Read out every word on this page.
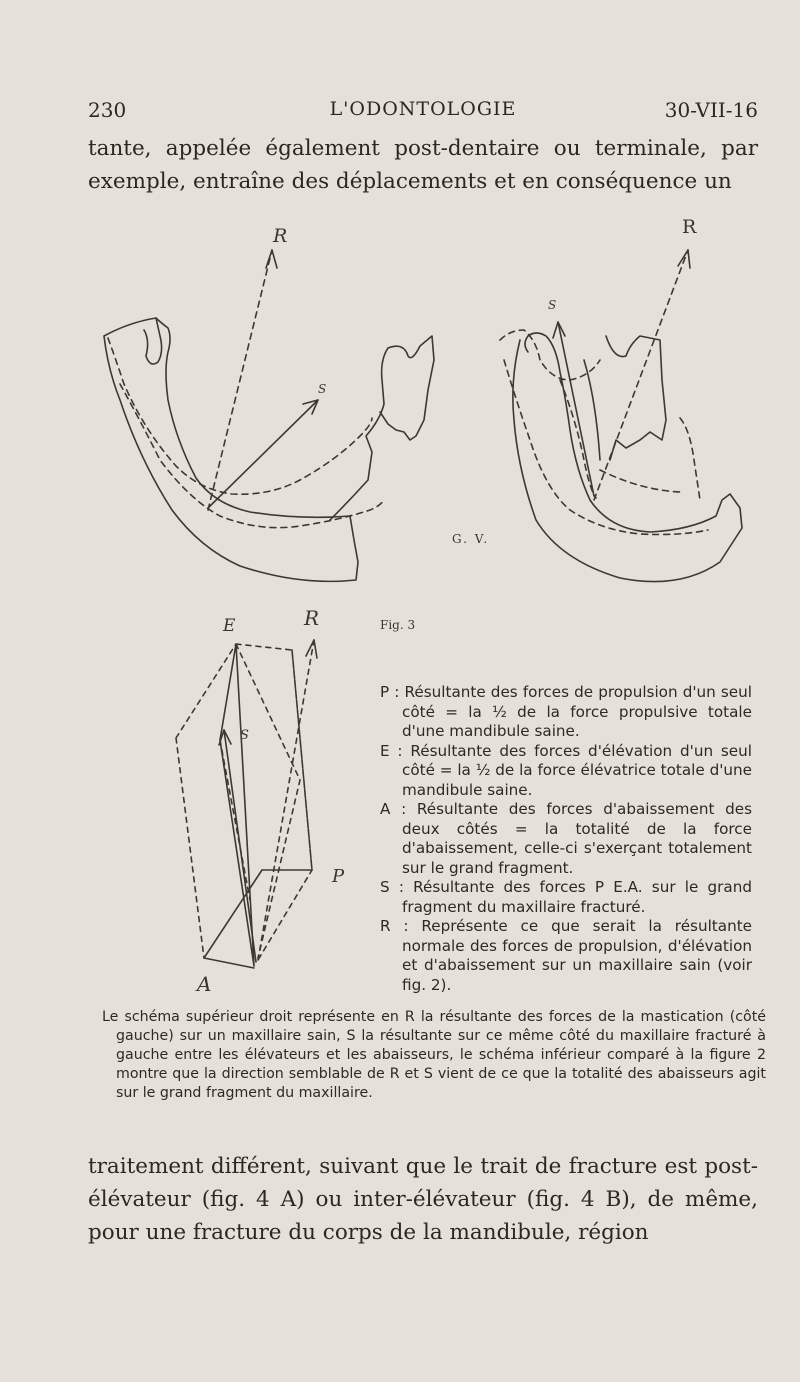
230	L'ODONTOLOGIE	30-VII-16

tante, appelée également post-dentaire ou terminale, par exemple, entraîne des déplacements et en conséquence un

R	R
S
S
G. V.
Fig. 3
E	R
S
P
A
P : Résultante des forces de propulsion d'un seul côté = la ½ de la force propulsive totale d'une mandibule saine.
E : Résultante des forces d'élévation d'un seul côté = la ½ de la force élévatrice totale d'une mandibule saine.
A : Résultante des forces d'abaissement des deux côtés = la totalité de la force d'abaissement, celle-ci s'exerçant totalement sur le grand fragment.
S : Résultante des forces P E.A. sur le grand fragment du maxillaire fracturé.
R : Représente ce que serait la résultante normale des forces de propulsion, d'élévation et d'abaissement sur un maxillaire sain (voir fig. 2).
Le schéma supérieur droit représente en R la résultante des forces de la mastication (côté gauche) sur un maxillaire sain, S la résultante sur ce même côté du maxillaire fracturé à gauche entre les élévateurs et les abaisseurs, le schéma inférieur comparé à la figure 2 montre que la direction semblable de R et S vient de ce que la totalité des abaisseurs agit sur le grand fragment du maxillaire.

traitement différent, suivant que le trait de fracture est post-élévateur (fig. 4 A) ou inter-élévateur (fig. 4 B), de même, pour une fracture du corps de la mandibule, région
